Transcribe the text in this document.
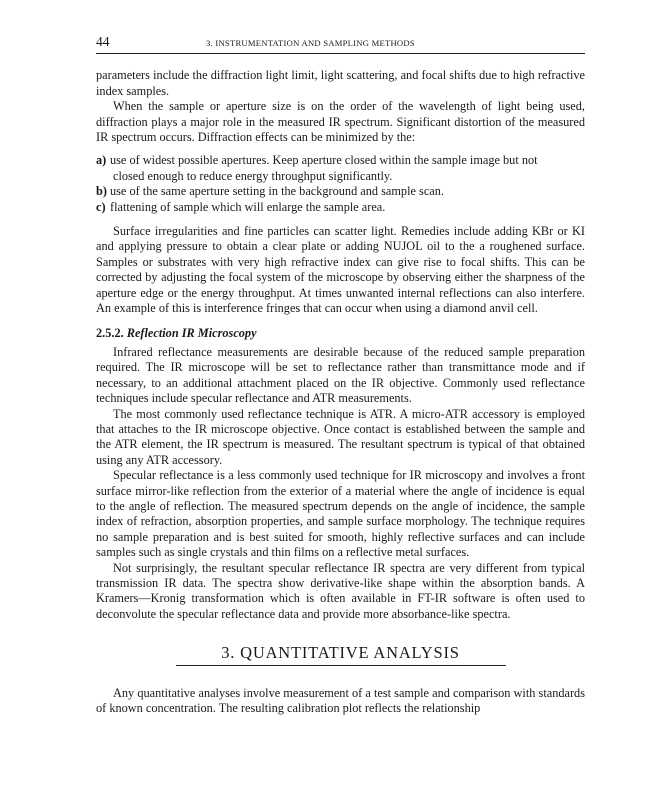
44	3. INSTRUMENTATION AND SAMPLING METHODS

parameters include the diffraction light limit, light scattering, and focal shifts due to high refractive index samples.

When the sample or aperture size is on the order of the wavelength of light being used, diffraction plays a major role in the measured IR spectrum. Significant distortion of the measured IR spectrum occurs. Diffraction effects can be minimized by the:

a) use of widest possible apertures. Keep aperture closed within the sample image but not
closed enough to reduce energy throughput significantly.
b) use of the same aperture setting in the background and sample scan.
c) flattening of sample which will enlarge the sample area.

Surface irregularities and fine particles can scatter light. Remedies include adding KBr or KI and applying pressure to obtain a clear plate or adding NUJOL oil to the a roughened surface. Samples or substrates with very high refractive index can give rise to focal shifts. This can be corrected by adjusting the focal system of the microscope by observing either the sharpness of the aperture edge or the energy throughput. At times unwanted internal reflections can also interfere. An example of this is interference fringes that can occur when using a diamond anvil cell.

2.5.2. Reflection IR Microscopy

Infrared reflectance measurements are desirable because of the reduced sample preparation required. The IR microscope will be set to reflectance rather than transmittance mode and if necessary, to an additional attachment placed on the IR objective. Commonly used reflectance techniques include specular reflectance and ATR measurements.

The most commonly used reflectance technique is ATR. A micro-ATR accessory is employed that attaches to the IR microscope objective. Once contact is established between the sample and the ATR element, the IR spectrum is measured. The resultant spectrum is typical of that obtained using any ATR accessory.

Specular reflectance is a less commonly used technique for IR microscopy and involves a front surface mirror-like reflection from the exterior of a material where the angle of incidence is equal to the angle of reflection. The measured spectrum depends on the angle of incidence, the sample index of refraction, absorption properties, and sample surface morphology. The technique requires no sample preparation and is best suited for smooth, highly reflective surfaces and can include samples such as single crystals and thin films on a reflective metal surfaces.

Not surprisingly, the resultant specular reflectance IR spectra are very different from typical transmission IR data. The spectra show derivative-like shape within the absorption bands. A Kramers—Kronig transformation which is often available in FT-IR software is often used to deconvolute the specular reflectance data and provide more absorbance-like spectra.

3. QUANTITATIVE ANALYSIS

Any quantitative analyses involve measurement of a test sample and comparison with standards of known concentration. The resulting calibration plot reflects the relationship
